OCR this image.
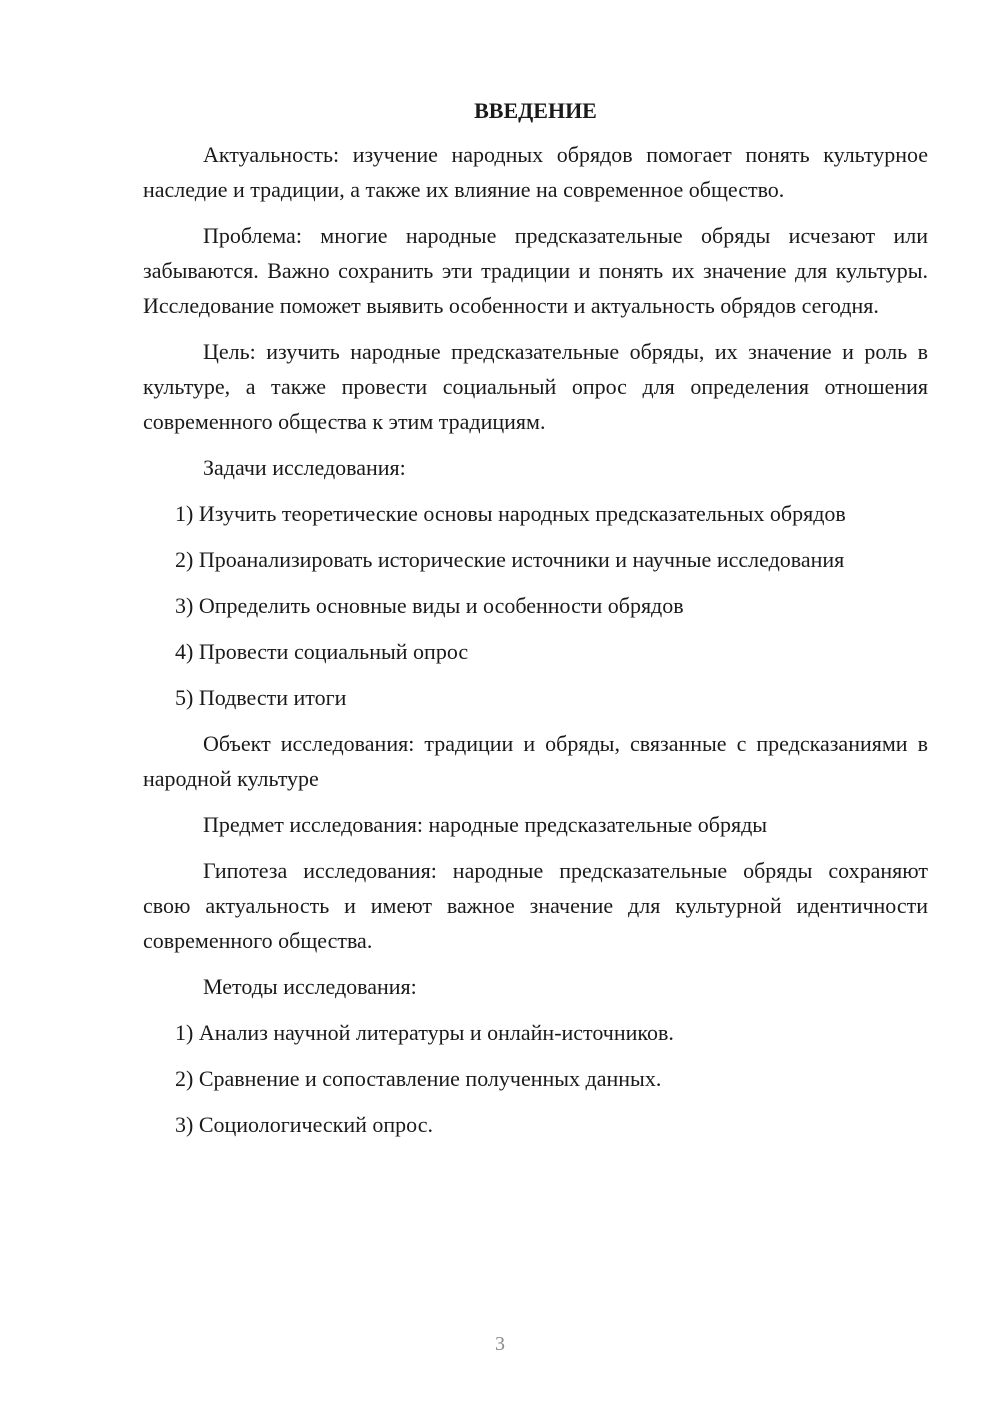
ВВЕДЕНИЕ

Актуальность: изучение народных обрядов помогает понять культурное наследие и традиции, а также их влияние на современное общество.

Проблема: многие народные предсказательные обряды исчезают или забываются. Важно сохранить эти традиции и понять их значение для культуры. Исследование поможет выявить особенности и актуальность обрядов сегодня.

Цель: изучить народные предсказательные обряды, их значение и роль в культуре, а также провести социальный опрос для определения отношения современного общества к этим традициям.

Задачи исследования:

1) Изучить теоретические основы народных предсказательных обрядов

2) Проанализировать исторические источники и научные исследования

3) Определить основные виды и особенности обрядов

4) Провести социальный опрос

5) Подвести итоги

Объект исследования: традиции и обряды, связанные с предсказаниями в народной культуре

Предмет исследования: народные предсказательные обряды

Гипотеза исследования: народные предсказательные обряды сохраняют свою актуальность и имеют важное значение для культурной идентичности современного общества.

Методы исследования:

1) Анализ научной литературы и онлайн-источников.

2) Сравнение и сопоставление полученных данных.

3) Социологический опрос.

3
